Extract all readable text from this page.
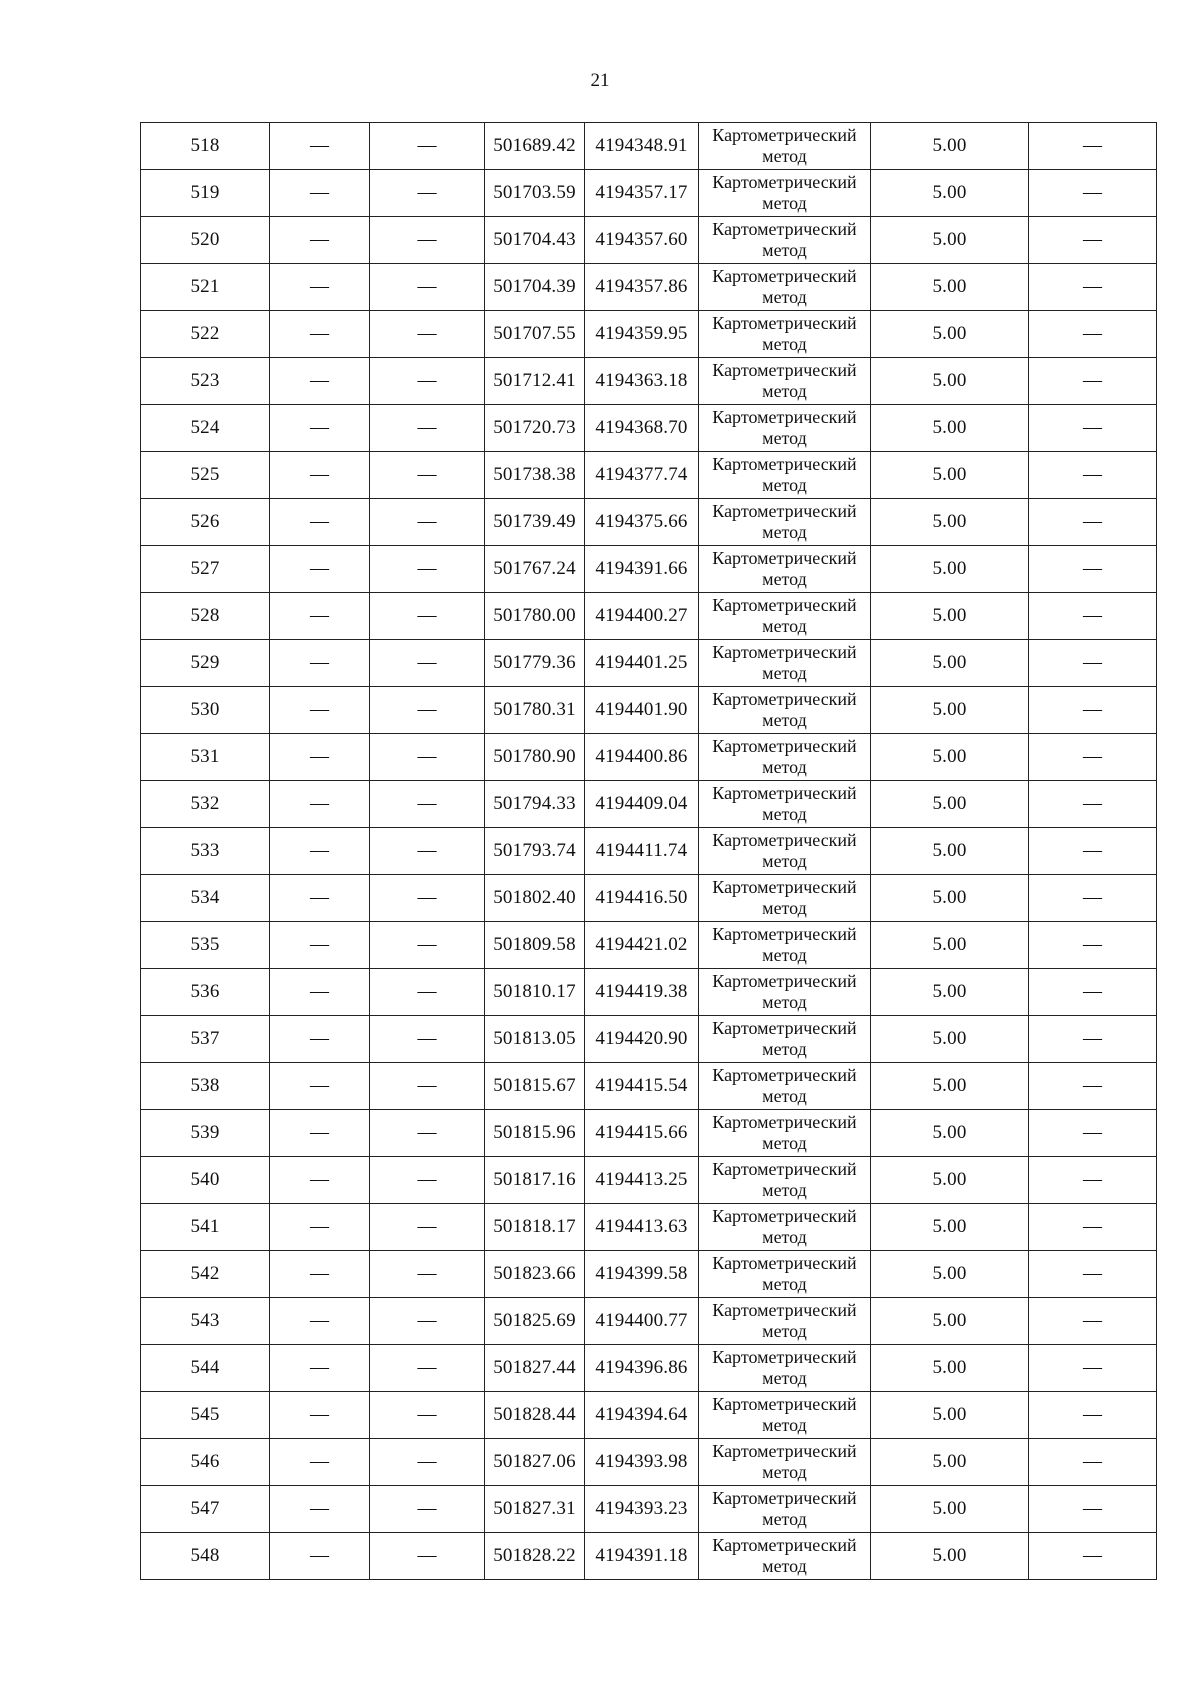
21
518	—	—	501689.42	4194348.91	Картометрический
метод	5.00	—
519	—	—	501703.59	4194357.17	Картометрический
метод	5.00	—
520	—	—	501704.43	4194357.60	Картометрический
метод	5.00	—
521	—	—	501704.39	4194357.86	Картометрический
метод	5.00	—
522	—	—	501707.55	4194359.95	Картометрический
метод	5.00	—
523	—	—	501712.41	4194363.18	Картометрический
метод	5.00	—
524	—	—	501720.73	4194368.70	Картометрический
метод	5.00	—
525	—	—	501738.38	4194377.74	Картометрический
метод	5.00	—
526	—	—	501739.49	4194375.66	Картометрический
метод	5.00	—
527	—	—	501767.24	4194391.66	Картометрический
метод	5.00	—
528	—	—	501780.00	4194400.27	Картометрический
метод	5.00	—
529	—	—	501779.36	4194401.25	Картометрический
метод	5.00	—
530	—	—	501780.31	4194401.90	Картометрический
метод	5.00	—
531	—	—	501780.90	4194400.86	Картометрический
метод	5.00	—
532	—	—	501794.33	4194409.04	Картометрический
метод	5.00	—
533	—	—	501793.74	4194411.74	Картометрический
метод	5.00	—
534	—	—	501802.40	4194416.50	Картометрический
метод	5.00	—
535	—	—	501809.58	4194421.02	Картометрический
метод	5.00	—
536	—	—	501810.17	4194419.38	Картометрический
метод	5.00	—
537	—	—	501813.05	4194420.90	Картометрический
метод	5.00	—
538	—	—	501815.67	4194415.54	Картометрический
метод	5.00	—
539	—	—	501815.96	4194415.66	Картометрический
метод	5.00	—
540	—	—	501817.16	4194413.25	Картометрический
метод	5.00	—
541	—	—	501818.17	4194413.63	Картометрический
метод	5.00	—
542	—	—	501823.66	4194399.58	Картометрический
метод	5.00	—
543	—	—	501825.69	4194400.77	Картометрический
метод	5.00	—
544	—	—	501827.44	4194396.86	Картометрический
метод	5.00	—
545	—	—	501828.44	4194394.64	Картометрический
метод	5.00	—
546	—	—	501827.06	4194393.98	Картометрический
метод	5.00	—
547	—	—	501827.31	4194393.23	Картометрический
метод	5.00	—
548	—	—	501828.22	4194391.18	Картометрический
метод	5.00	—
